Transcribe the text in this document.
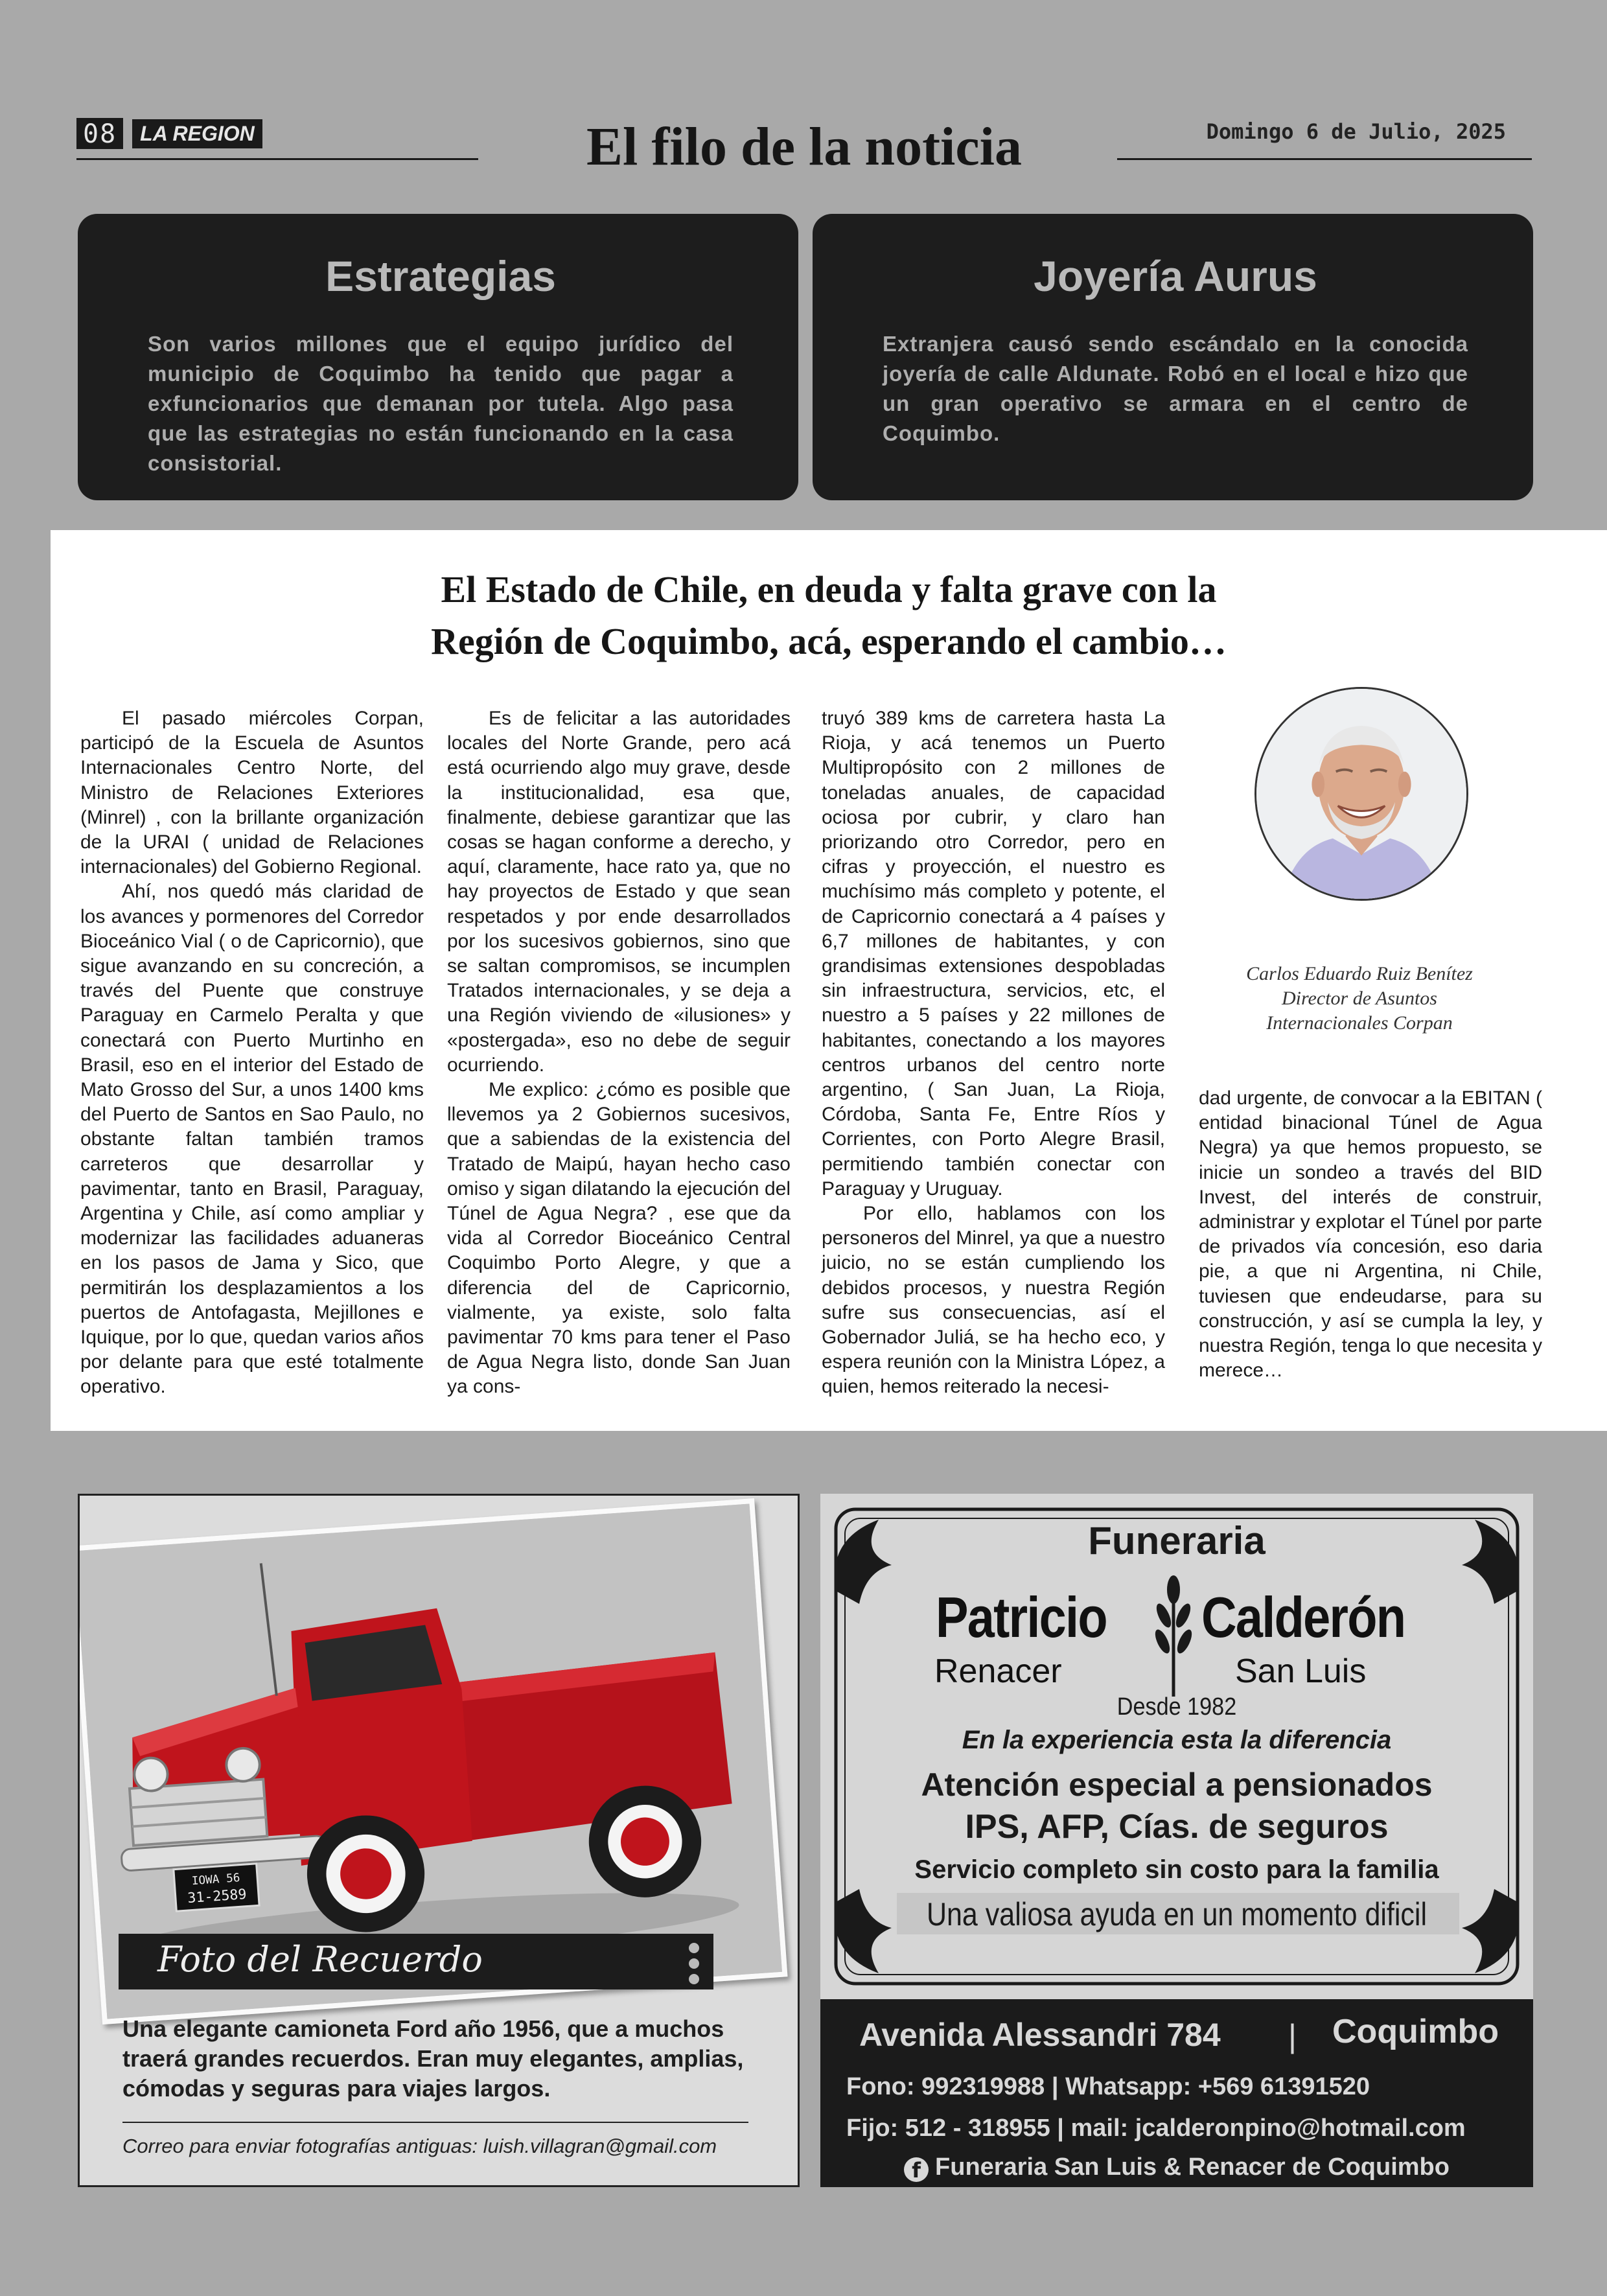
08	LA REGION	El filo de la noticia	Domingo 6 de Julio, 2025
Estrategias

Son varios millones que el equipo jurídico del municipio de Coquimbo ha tenido que pagar a exfuncionarios que demanan por tutela. Algo pasa que las estrategias no están funcionando en la casa consistorial.

Joyería Aurus

Extranjera causó sendo escándalo en la conocida joyería de calle Aldunate. Robó en el local e hizo que un gran operativo se armara en el centro de Coquimbo.

El Estado de Chile, en deuda y falta grave con la
Región de Coquimbo, acá, esperando el cambio…

El pasado miércoles Corpan, participó de la Escuela de Asuntos Internacionales Centro Norte, del Ministro de Relaciones Exteriores (Minrel) , con la brillante organización de la URAI ( unidad de Relaciones internacionales) del Gobierno Regional.

Ahí, nos quedó más claridad de los avances y pormenores del Corredor Bioceánico Vial ( o de Capricornio), que sigue avanzando en su concreción, a través del Puente que construye Paraguay en Carmelo Peralta y que conectará con Puerto Murtinho en Brasil, eso en el interior del Estado de Mato Grosso del Sur, a unos 1400 kms del Puerto de Santos en Sao Paulo, no obstante faltan también tramos carreteros que desarrollar y pavimentar, tanto en Brasil, Paraguay, Argentina y Chile, así como ampliar y modernizar las facilidades aduaneras en los pasos de Jama y Sico, que permitirán los desplazamientos a los puertos de Antofagasta, Mejillones e Iquique, por lo que, quedan varios años por delante para que esté totalmente operativo.

Es de felicitar a las autoridades locales del Norte Grande, pero acá está ocurriendo algo muy grave, desde la institucionalidad, esa que, finalmente, debiese garantizar que las cosas se hagan conforme a derecho, y aquí, claramente, hace rato ya, que no hay proyectos de Estado y que sean respetados y por ende desarrollados por los sucesivos gobiernos, sino que se saltan compromisos, se incumplen Tratados internacionales, y se deja a una Región viviendo de «ilusiones» y «postergada», eso no debe de seguir ocurriendo.

Me explico: ¿cómo es posible que llevemos ya 2 Gobiernos sucesivos, que a sabiendas de la existencia del Tratado de Maipú, hayan hecho caso omiso y sigan dilatando la ejecución del Túnel de Agua Negra? , ese que da vida al Corredor Bioceánico Central Coquimbo Porto Alegre, y que a diferencia del de Capricornio, vialmente, ya existe, solo falta pavimentar 70 kms para tener el Paso de Agua Negra listo, donde San Juan ya cons-

truyó 389 kms de carretera hasta La Rioja, y acá tenemos un Puerto Multipropósito con 2 millones de toneladas anuales, de capacidad ociosa por cubrir, y claro han priorizando otro Corredor, pero en cifras y proyección, el nuestro es muchísimo más completo y potente, el de Capricornio conectará a 4 países y 6,7 millones de habitantes, y con grandisimas extensiones despobladas sin infraestructura, servicios, etc, el nuestro a 5 países y 22 millones de habitantes, conectando a los mayores centros urbanos del centro norte argentino, ( San Juan, La Rioja, Córdoba, Santa Fe, Entre Ríos y Corrientes, con Porto Alegre Brasil, permitiendo también conectar con Paraguay y Uruguay.

Por ello, hablamos con los personeros del Minrel, ya que a nuestro juicio, no se están cumpliendo los debidos procesos, y nuestra Región sufre sus consecuencias, así el Gobernador Juliá, se ha hecho eco, y espera reunión con la Ministra López, a quien, hemos reiterado la necesi-

Carlos Eduardo Ruiz Benítez
Director de Asuntos
Internacionales Corpan

dad urgente, de convocar a la EBITAN ( entidad binacional Túnel de Agua Negra) ya que hemos propuesto, se inicie un sondeo a través del BID Invest, del interés de construir, administrar y explotar el Túnel por parte de privados vía concesión, eso daria pie, a que ni Argentina, ni Chile, tuviesen que endeudarse, para su construcción, y así se cumpla la ley, y nuestra Región, tenga lo que necesita y merece…

IOWA 56
31-2589
Foto del Recuerdo
Una elegante camioneta Ford año 1956, que a muchos traerá grandes recuerdos. Eran muy elegantes, amplias, cómodas y seguras para viajes largos.
Correo para enviar fotografías antiguas: luish.villagran@gmail.com
Funeraria
Patricio Calderón
Renacer	San Luis
Desde 1982
En la experiencia esta la diferencia
Atención especial a pensionados
IPS, AFP, Cías. de seguros
Servicio completo sin costo para la familia
Una valiosa ayuda en un momento dificil
Avenida Alessandri 784 | Coquimbo
Fono: 992319988 | Whatsapp: +569 61391520
Fijo: 512 - 318955 | mail: jcalderonpino@hotmail.com
f Funeraria San Luis & Renacer de Coquimbo
